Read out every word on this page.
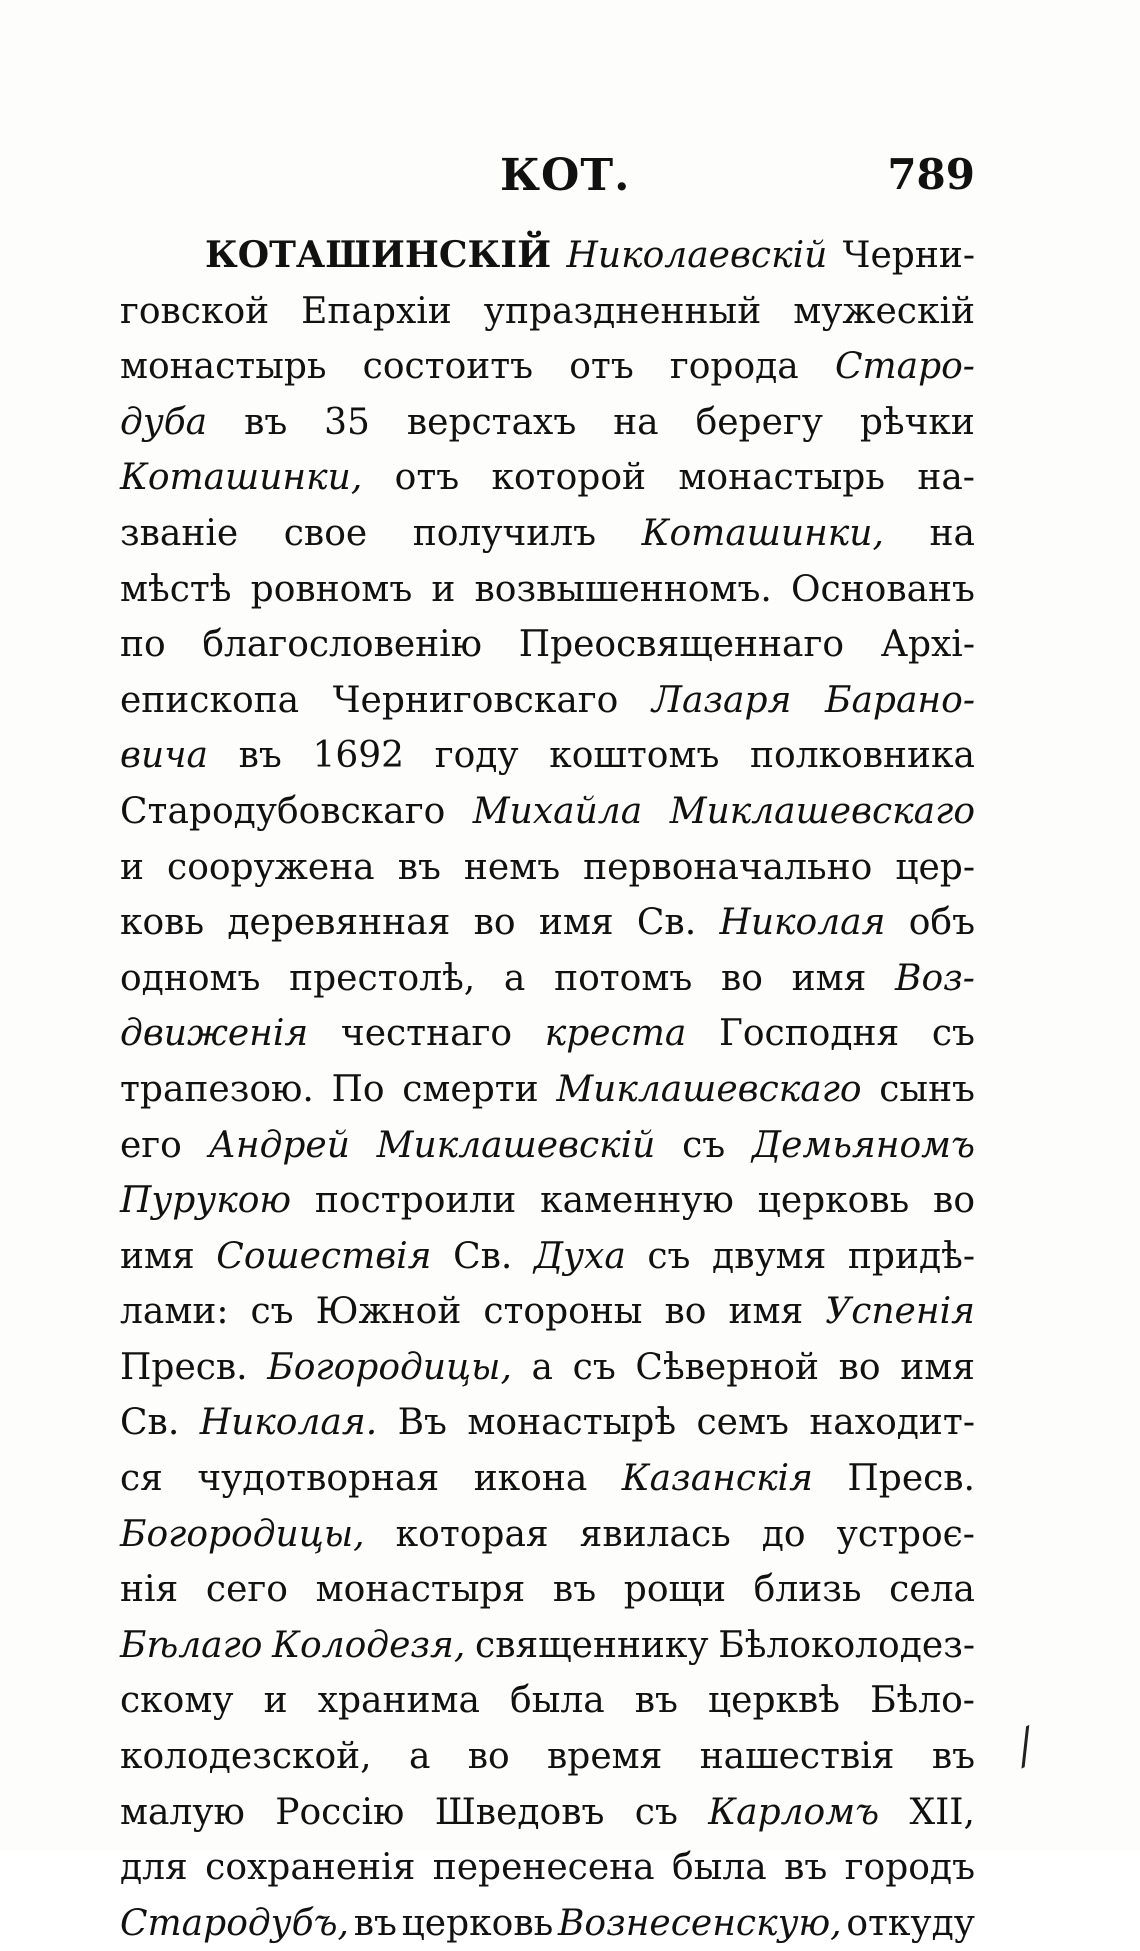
КОТ.	789
КОТАШИНСКІЙ Николаевскій Черни-
говской Епархіи упраздненный мужескій
монастырь состоитъ отъ города Старо-
дуба въ 35 верстахъ на берегу рѣчки
Коташинки, отъ которой монастырь на-
званіе свое получилъ Коташинки, на
мѣстѣ ровномъ и возвышенномъ. Основанъ
по благословенію Преосвященнаго Архі-
епископа Черниговскаго Лазаря Барано-
вича въ 1692 году коштомъ полковника
Стародубовскаго Михайла Миклашевскаго
и сооружена въ немъ первоначально цер-
ковь деревянная во имя Св. Николая объ
одномъ престолѣ, а потомъ во имя Воз-
движенія честнаго креста Господня съ
трапезою. По смерти Миклашевскаго сынъ
его Андрей Миклашевскій съ Демьяномъ
Пурукою построили каменную церковь во
имя Сошествія Св. Духа съ двумя придѣ-
лами: съ Южной стороны во имя Успенія
Пресв. Богородицы, а съ Сѣверной во имя
Св. Николая. Въ монастырѣ семъ находит-
ся чудотворная икона Казанскія Пресв.
Богородицы, которая явилась до устроє-
нія сего монастыря въ рощи близь села
Бѣлаго Колодезя, священнику Бѣлоколодез-
скому и хранима была въ церквѣ Бѣло-
колодезской, а во время нашествія въ
малую Россію Шведовъ съ Карломъ XII,
для сохраненія перенесена была въ городъ
Стародубъ, въ церковь Вознесенскую, откуду
⁄
